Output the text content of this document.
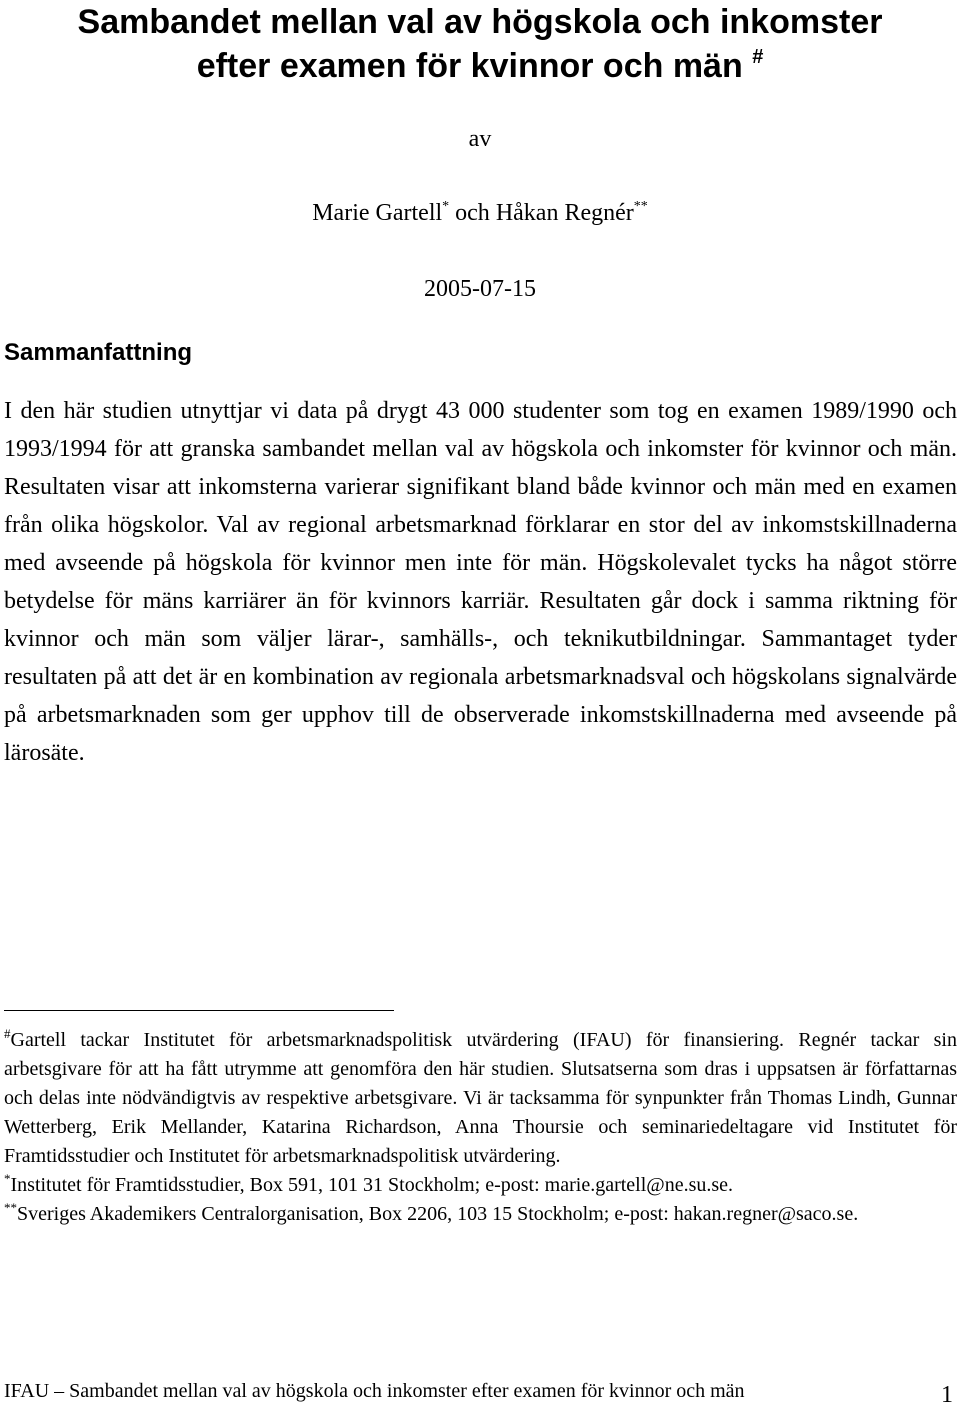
Sambandet mellan val av högskola och inkomster
efter examen för kvinnor och män #
av
Marie Gartell* och Håkan Regnér**
2005-07-15
Sammanfattning

I den här studien utnyttjar vi data på drygt 43 000 studenter som tog en examen 1989/1990 och 1993/1994 för att granska sambandet mellan val av högskola och inkomster för kvinnor och män. Resultaten visar att inkomsterna varierar signifikant bland både kvinnor och män med en examen från olika högskolor. Val av regional arbetsmarknad förklarar en stor del av inkomstskillnaderna med avseende på högskola för kvinnor men inte för män. Högskolevalet tycks ha något större betydelse för mäns karriärer än för kvinnors karriär. Resultaten går dock i samma riktning för kvinnor och män som väljer lärar-, samhälls-, och teknikutbildningar. Sammantaget tyder resultaten på att det är en kombination av regionala arbetsmarknadsval och högskolans signalvärde på arbetsmarknaden som ger upphov till de observerade inkomstskillnaderna med avseende på lärosäte.

#Gartell tackar Institutet för arbetsmarknadspolitisk utvärdering (IFAU) för finansiering. Regnér tackar sin arbetsgivare för att ha fått utrymme att genomföra den här studien. Slutsatserna som dras i uppsatsen är författarnas och delas inte nödvändigtvis av respektive arbetsgivare. Vi är tacksamma för synpunkter från Thomas Lindh, Gunnar Wetterberg, Erik Mellander, Katarina Richardson, Anna Thoursie och seminariedeltagare vid Institutet för Framtidsstudier och Institutet för arbetsmarknadspolitisk utvärdering.

*Institutet för Framtidsstudier, Box 591, 101 31 Stockholm; e-post: marie.gartell@ne.su.se.

**Sveriges Akademikers Centralorganisation, Box 2206, 103 15 Stockholm; e-post: hakan.regner@saco.se.

IFAU – Sambandet mellan val av högskola och inkomster efter examen för kvinnor och män	1
